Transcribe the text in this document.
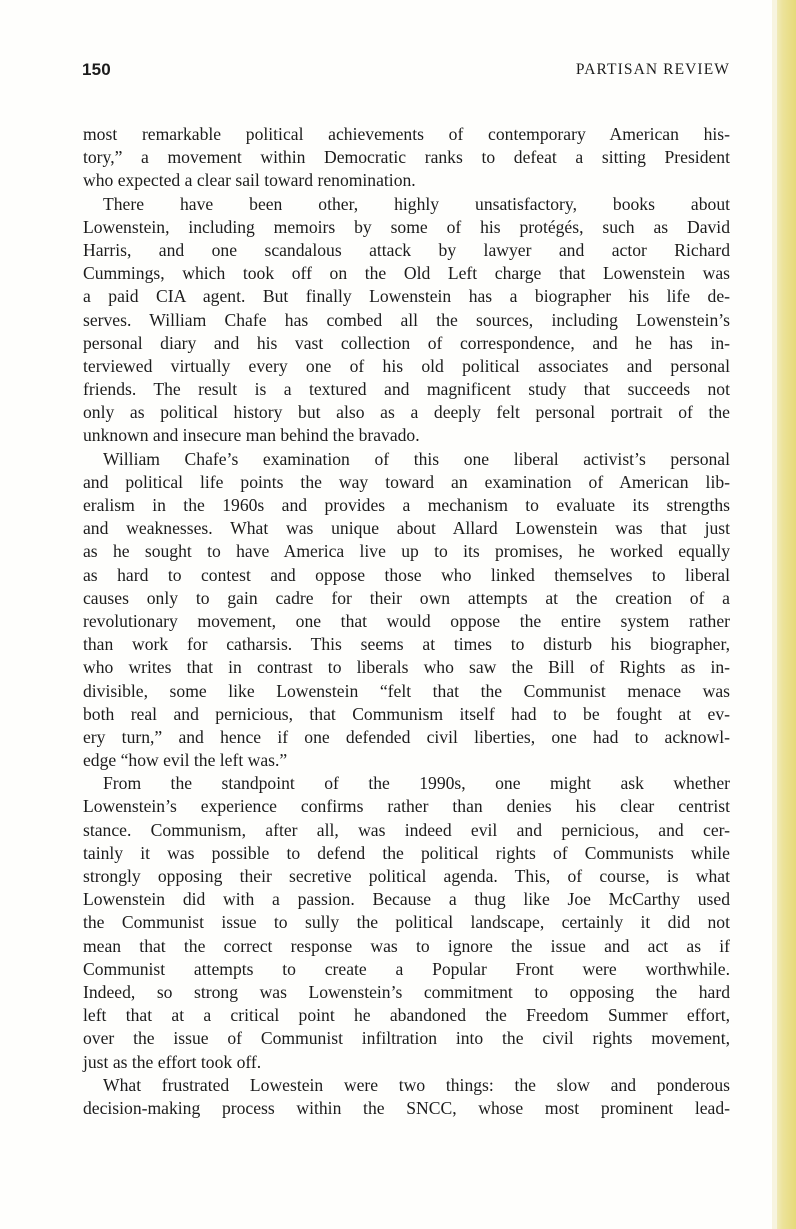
150	PARTISAN REVIEW

most remarkable political achievements of contemporary American his-
tory,” a movement within Democratic ranks to defeat a sitting President
who expected a clear sail toward renomination.

There have been other, highly unsatisfactory, books about
Lowenstein, including memoirs by some of his protégés, such as David
Harris, and one scandalous attack by lawyer and actor Richard
Cummings, which took off on the Old Left charge that Lowenstein was
a paid CIA agent. But finally Lowenstein has a biographer his life de-
serves. William Chafe has combed all the sources, including Lowenstein’s
personal diary and his vast collection of correspondence, and he has in-
terviewed virtually every one of his old political associates and personal
friends. The result is a textured and magnificent study that succeeds not
only as political history but also as a deeply felt personal portrait of the
unknown and insecure man behind the bravado.

William Chafe’s examination of this one liberal activist’s personal
and political life points the way toward an examination of American lib-
eralism in the 1960s and provides a mechanism to evaluate its strengths
and weaknesses. What was unique about Allard Lowenstein was that just
as he sought to have America live up to its promises, he worked equally
as hard to contest and oppose those who linked themselves to liberal
causes only to gain cadre for their own attempts at the creation of a
revolutionary movement, one that would oppose the entire system rather
than work for catharsis. This seems at times to disturb his biographer,
who writes that in contrast to liberals who saw the Bill of Rights as in-
divisible, some like Lowenstein “felt that the Communist menace was
both real and pernicious, that Communism itself had to be fought at ev-
ery turn,” and hence if one defended civil liberties, one had to acknowl-
edge “how evil the left was.”

From the standpoint of the 1990s, one might ask whether
Lowenstein’s experience confirms rather than denies his clear centrist
stance. Communism, after all, was indeed evil and pernicious, and cer-
tainly it was possible to defend the political rights of Communists while
strongly opposing their secretive political agenda. This, of course, is what
Lowenstein did with a passion. Because a thug like Joe McCarthy used
the Communist issue to sully the political landscape, certainly it did not
mean that the correct response was to ignore the issue and act as if
Communist attempts to create a Popular Front were worthwhile.
Indeed, so strong was Lowenstein’s commitment to opposing the hard
left that at a critical point he abandoned the Freedom Summer effort,
over the issue of Communist infiltration into the civil rights movement,
just as the effort took off.

What frustrated Lowestein were two things: the slow and ponderous
decision-making process within the SNCC, whose most prominent lead-
